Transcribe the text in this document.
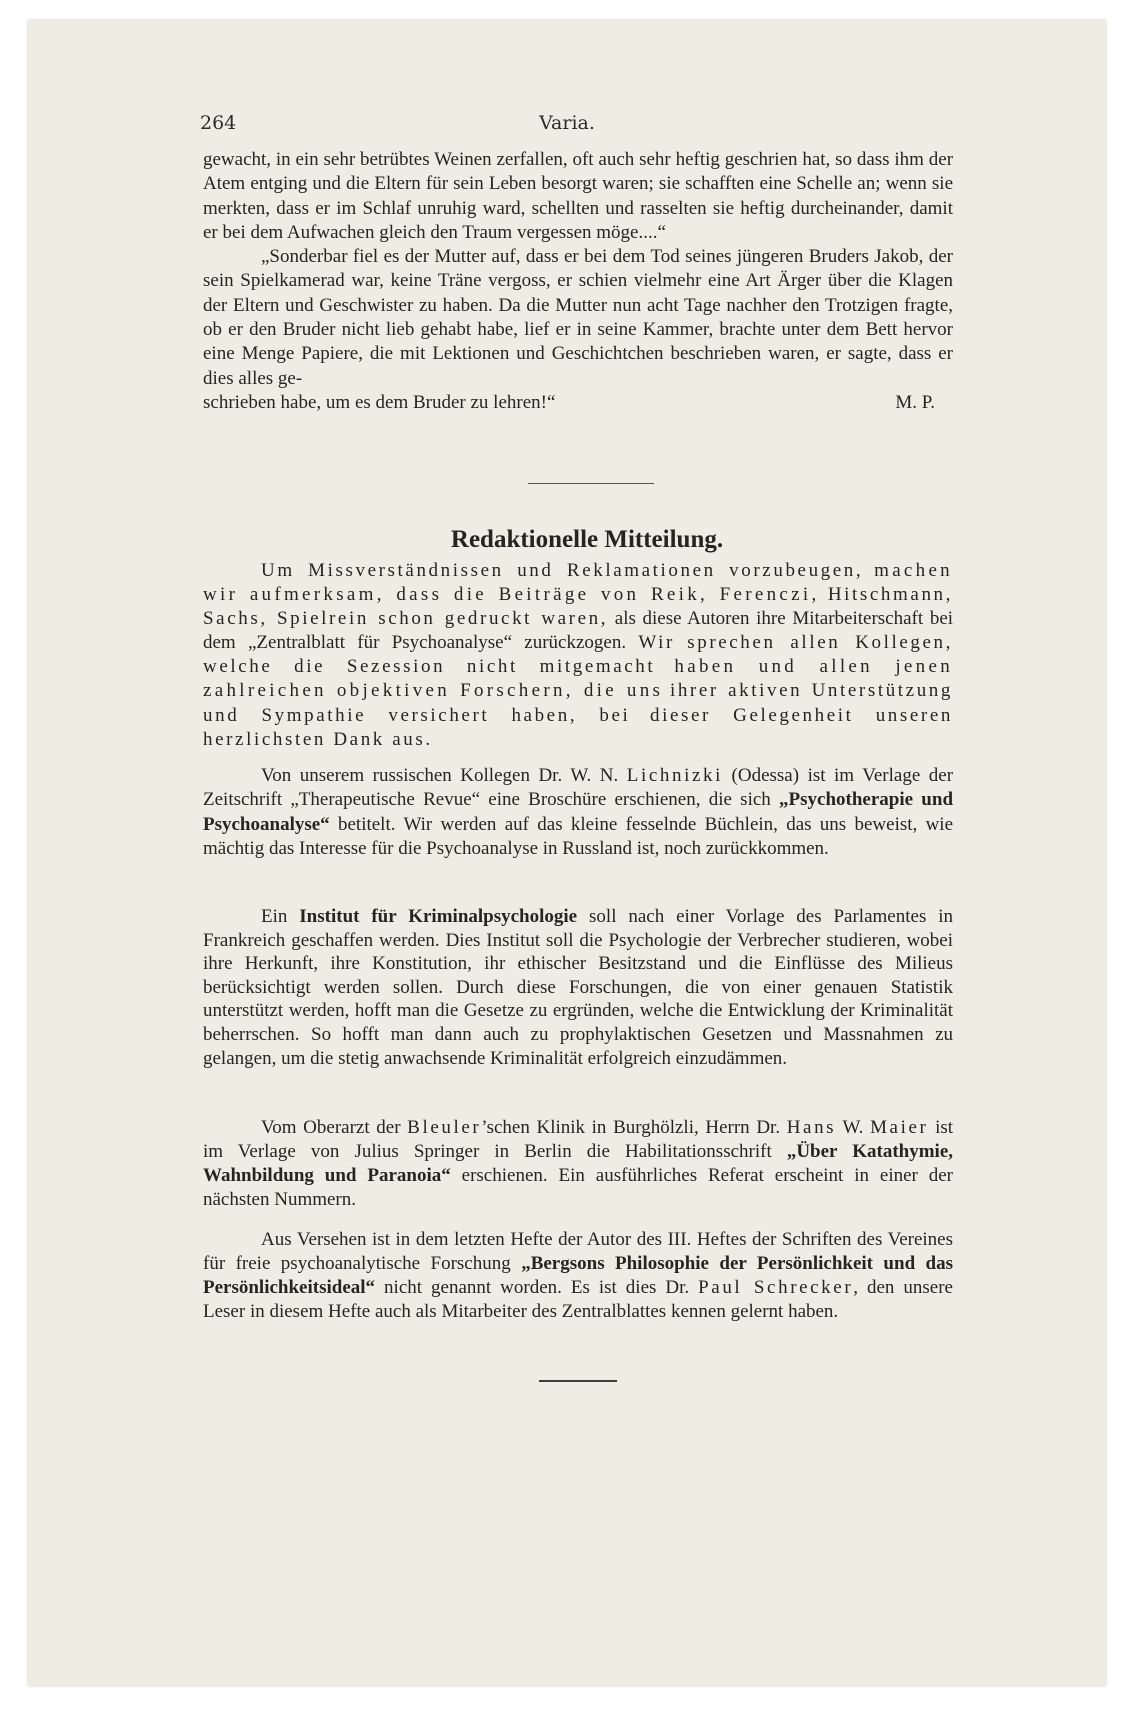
264	Varia.

gewacht, in ein sehr betrübtes Weinen zerfallen, oft auch sehr heftig geschrien hat, so dass ihm der Atem entging und die Eltern für sein Leben besorgt waren; sie schafften eine Schelle an; wenn sie merkten, dass er im Schlaf unruhig ward, schellten und rasselten sie heftig durcheinander, damit er bei dem Aufwachen gleich den Traum vergessen möge....“

„Sonderbar fiel es der Mutter auf, dass er bei dem Tod seines jüngeren Bruders Jakob, der sein Spielkamerad war, keine Träne vergoss, er schien vielmehr eine Art Ärger über die Klagen der Eltern und Geschwister zu haben. Da die Mutter nun acht Tage nachher den Trotzigen fragte, ob er den Bruder nicht lieb gehabt habe, lief er in seine Kammer, brachte unter dem Bett hervor eine Menge Papiere, die mit Lektionen und Geschichtchen beschrieben waren, er sagte, dass er dies alles ge-

schrieben habe, um es dem Bruder zu lehren!“	M. P.
Redaktionelle Mitteilung.

Um Missverständnissen und Reklamationen vorzubeugen, machen wir aufmerksam, dass die Beiträge von Reik, Ferenczi, Hitschmann, Sachs, Spielrein schon gedruckt waren, als diese Autoren ihre Mitarbeiterschaft bei dem „Zentralblatt für Psychoanalyse“ zurückzogen. Wir sprechen allen Kollegen, welche die Sezession nicht mitgemacht haben und allen jenen zahlreichen objektiven Forschern, die uns ihrer aktiven Unterstützung und Sympathie versichert haben, bei dieser Gelegenheit unseren herzlichsten Dank aus.

Von unserem russischen Kollegen Dr. W. N. Lichnizki (Odessa) ist im Verlage der Zeitschrift „Therapeutische Revue“ eine Broschüre erschienen, die sich „Psychotherapie und Psychoanalyse“ betitelt. Wir werden auf das kleine fesselnde Büchlein, das uns beweist, wie mächtig das Interesse für die Psychoanalyse in Russland ist, noch zurückkommen.

Ein Institut für Kriminalpsychologie soll nach einer Vorlage des Parlamentes in Frankreich geschaffen werden. Dies Institut soll die Psychologie der Verbrecher studieren, wobei ihre Herkunft, ihre Konstitution, ihr ethischer Besitzstand und die Einflüsse des Milieus berücksichtigt werden sollen. Durch diese Forschungen, die von einer genauen Statistik unterstützt werden, hofft man die Gesetze zu ergründen, welche die Entwicklung der Kriminalität beherrschen. So hofft man dann auch zu prophylaktischen Gesetzen und Massnahmen zu gelangen, um die stetig anwachsende Kriminalität erfolgreich einzudämmen.

Vom Oberarzt der Bleuler’schen Klinik in Burghölzli, Herrn Dr. Hans W. Maier ist im Verlage von Julius Springer in Berlin die Habilitationsschrift „Über Katathymie, Wahnbildung und Paranoia“ erschienen. Ein ausführliches Referat erscheint in einer der nächsten Nummern.

Aus Versehen ist in dem letzten Hefte der Autor des III. Heftes der Schriften des Vereines für freie psychoanalytische Forschung „Bergsons Philosophie der Persönlichkeit und das Persönlichkeitsideal“ nicht genannt worden. Es ist dies Dr. Paul Schrecker, den unsere Leser in diesem Hefte auch als Mitarbeiter des Zentralblattes kennen gelernt haben.
